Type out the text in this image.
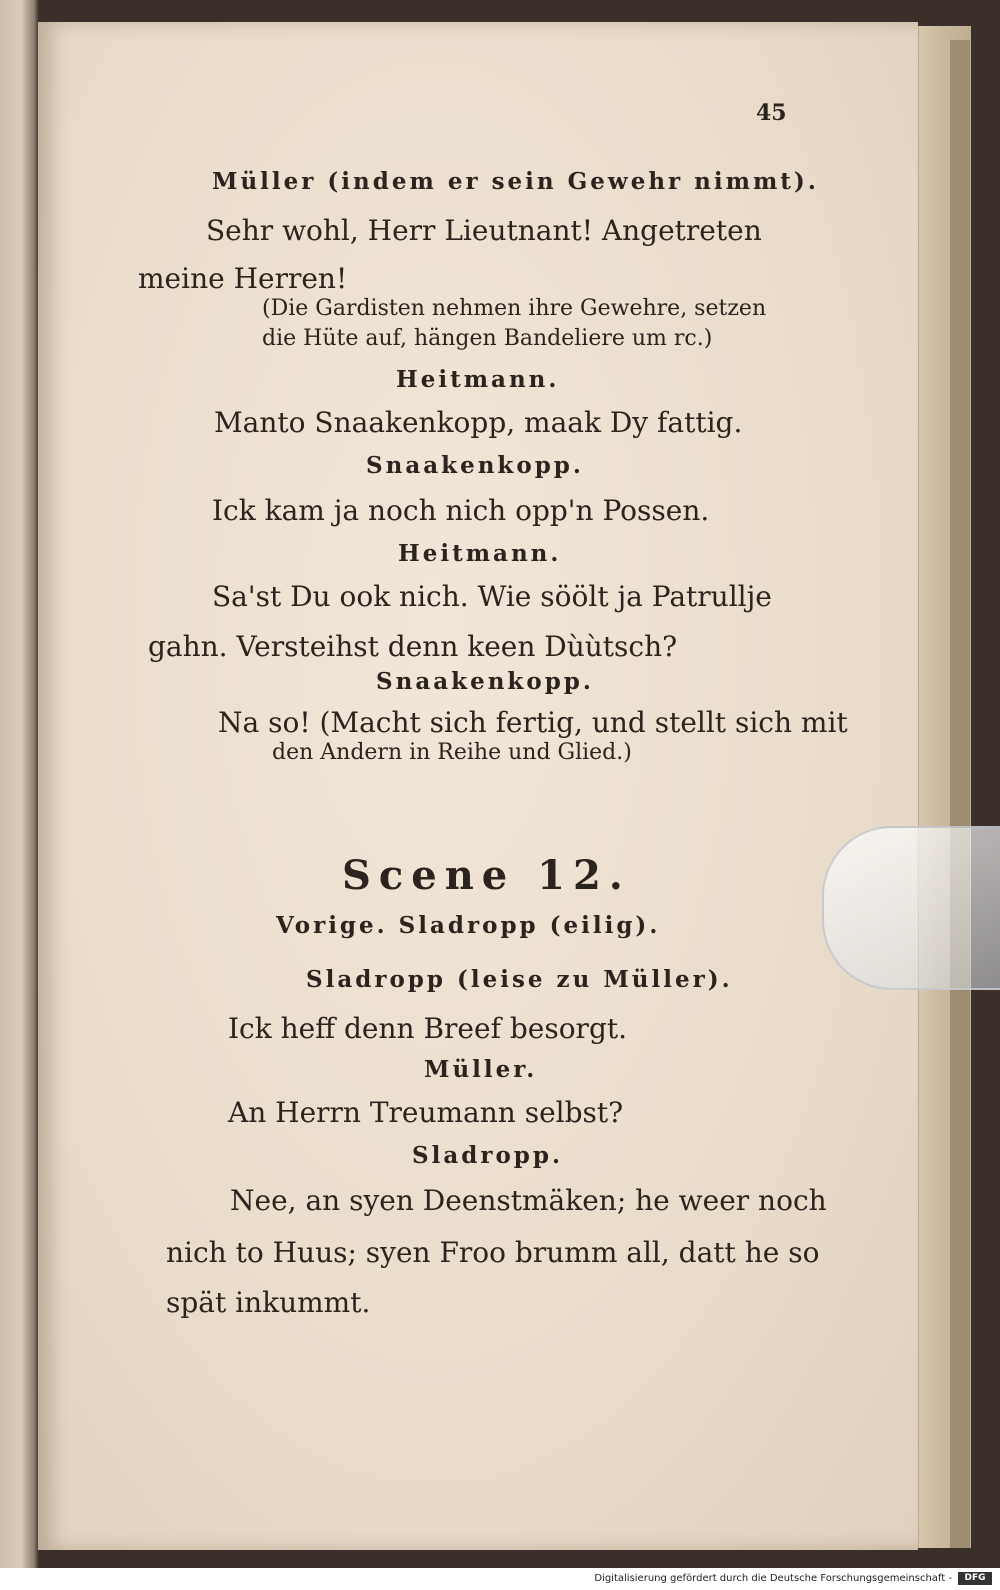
45
Müller (indem er sein Gewehr nimmt).
Sehr wohl, Herr Lieutnant! Angetreten
meine Herren!
(Die Gardisten nehmen ihre Gewehre, setzen
die Hüte auf, hängen Bandeliere um rc.)
Heitmann.
Manto Snaakenkopp, maak Dy fattig.
Snaakenkopp.
Ick kam ja noch nich opp'n Possen.
Heitmann.
Sa'st Du ook nich. Wie söölt ja Patrullje
gahn. Versteihst denn keen Dùùtsch?
Snaakenkopp.
Na so! (Macht sich fertig, und stellt sich mit
den Andern in Reihe und Glied.)
Scene 12.
Vorige. Sladropp (eilig).
Sladropp (leise zu Müller).
Ick heff denn Breef besorgt.
Müller.
An Herrn Treumann selbst?
Sladropp.
Nee, an syen Deenstmäken; he weer noch
nich to Huus; syen Froo brumm all, datt he so
spät inkummt.
Digitalisierung gefördert durch die Deutsche Forschungsgemeinschaft -	DFG
